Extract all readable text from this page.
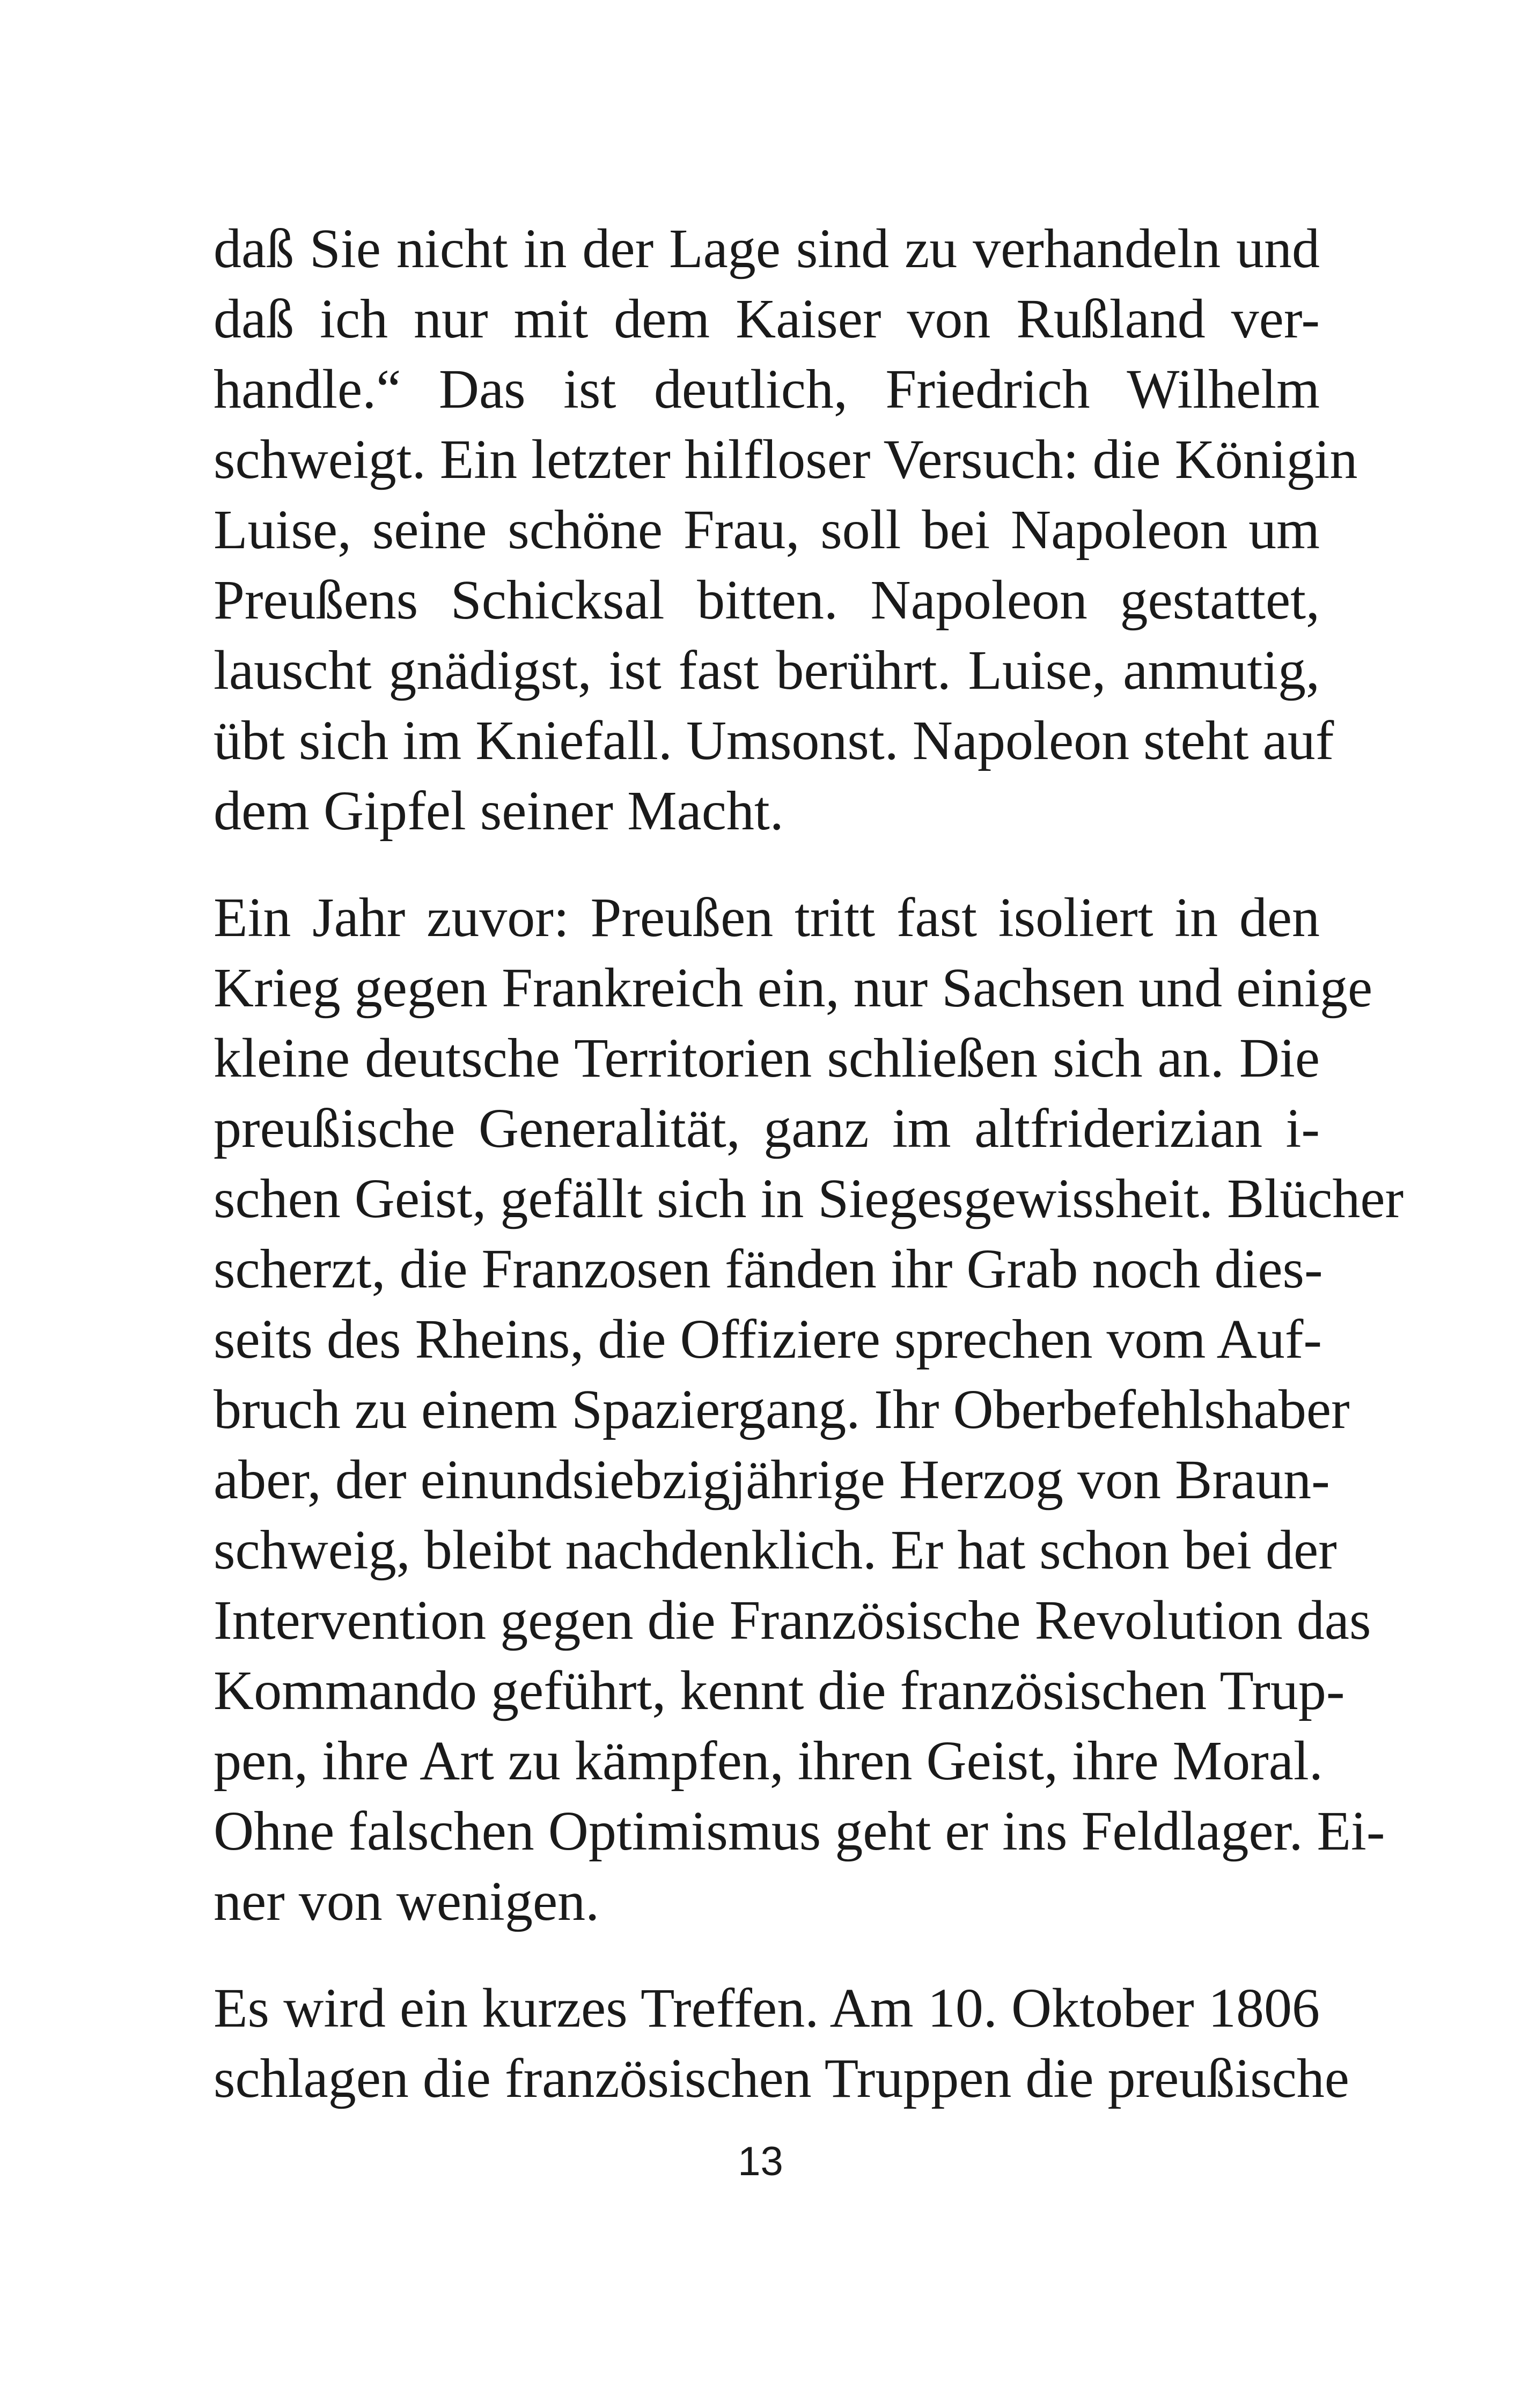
daß Sie nicht in der Lage sind zu verhandeln und
daß ich nur mit dem Kaiser von Rußland ver-
handle.“ Das ist deutlich, Friedrich Wilhelm
schweigt. Ein letzter hilfloser Versuch: die Königin
Luise, seine schöne Frau, soll bei Napoleon um
Preußens Schicksal bitten. Napoleon gestattet,
lauscht gnädigst, ist fast berührt. Luise, anmutig,
übt sich im Kniefall. Umsonst. Napoleon steht auf
dem Gipfel seiner Macht.
Ein Jahr zuvor: Preußen tritt fast isoliert in den
Krieg gegen Frankreich ein, nur Sachsen und einige
kleine deutsche Territorien schließen sich an. Die
preußische Generalität, ganz im altfriderizian i-
schen Geist, gefällt sich in Siegesgewissheit. Blücher
scherzt, die Franzosen fänden ihr Grab noch dies-
seits des Rheins, die Offiziere sprechen vom Auf-
bruch zu einem Spaziergang. Ihr Oberbefehlshaber
aber, der einundsiebzigjährige Herzog von Braun-
schweig, bleibt nachdenklich. Er hat schon bei der
Intervention gegen die Französische Revolution das
Kommando geführt, kennt die französischen Trup-
pen, ihre Art zu kämpfen, ihren Geist, ihre Moral.
Ohne falschen Optimismus geht er ins Feldlager. Ei-
ner von wenigen.
Es wird ein kurzes Treffen. Am 10. Oktober 1806
schlagen die französischen Truppen die preußische
13
